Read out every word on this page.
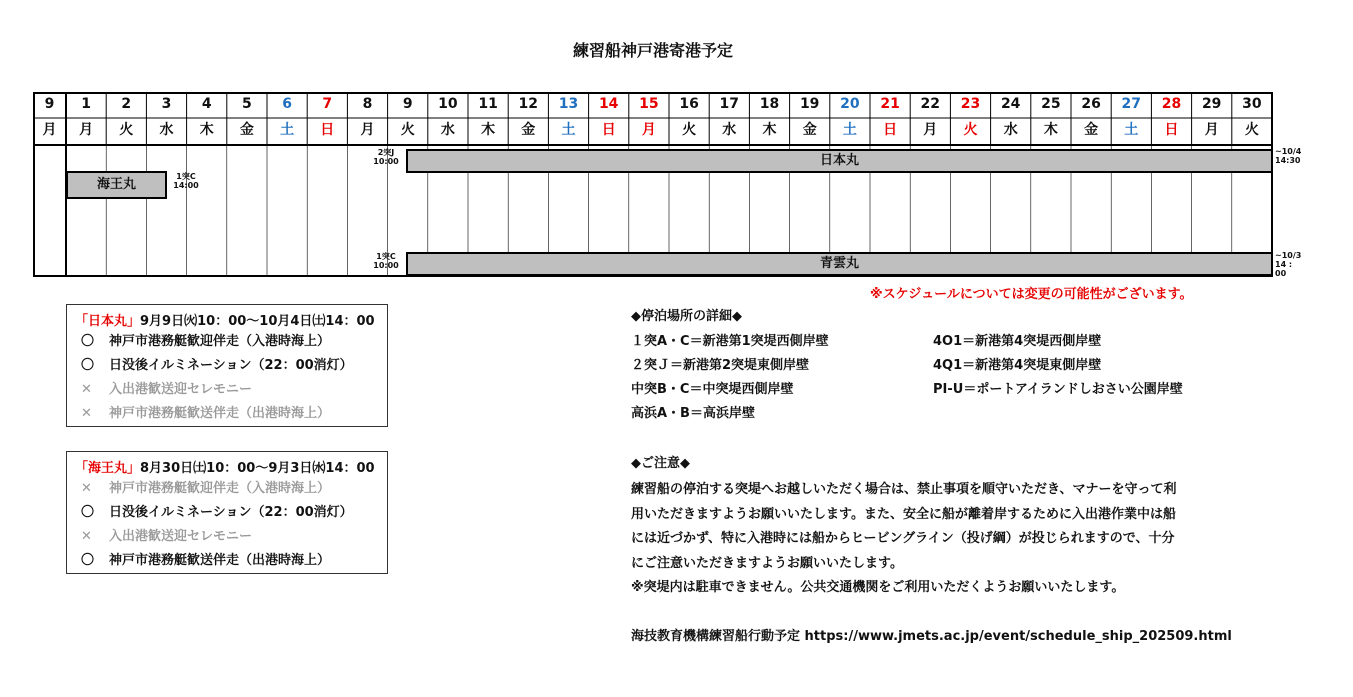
練習船神戸港寄港予定
9
月
1
月
2
火
3
水
4
木
5
金
6
土
7
日
8
月
9
火
10
水
11
木
12
金
13
土
14
日
15
月
16
火
17
水
18
木
19
金
20
土
21
日
22
月
23
火
24
水
25
木
26
金
27
土
28
日
29
月
30
火
日本丸
2突J
10:00
~10/4
14:30
海王丸
1突C
14:00
青雲丸
1突C
10:00
~10/3
14 : 00
※スケジュールについては変更の可能性がございます。
「日本丸」9月9日㈫10：00～10月4日㈯14：00
〇 神戸市港務艇歓迎伴走（入港時海上）
〇 日没後イルミネーション（22：00消灯）
✕ 入出港歓送迎セレモニー
✕ 神戸市港務艇歓送伴走（出港時海上）
「海王丸」8月30日㈯10：00～9月3日㈬14：00
✕ 神戸市港務艇歓迎伴走（入港時海上）
〇 日没後イルミネーション（22：00消灯）
✕ 入出港歓送迎セレモニー
〇 神戸市港務艇歓送伴走（出港時海上）
◆停泊場所の詳細◆
１突A・C＝新港第1突堤西側岸壁
２突Ｊ＝新港第2突堤東側岸壁
中突B・C＝中突堤西側岸壁
高浜A・B＝高浜岸壁
4O1＝新港第4突堤西側岸壁
4Q1＝新港第4突堤東側岸壁
PI-U＝ポートアイランドしおさい公園岸壁
◆ご注意◆
練習船の停泊する突堤へお越しいただく場合は、禁止事項を順守いただき、マナーを守って利
用いただきますようお願いいたします。また、安全に船が離着岸するために入出港作業中は船
には近づかず、特に入港時には船からヒービングライン（投げ綱）が投じられますので、十分
にご注意いただきますようお願いいたします。
※突堤内は駐車できません。公共交通機関をご利用いただくようお願いいたします。
海技教育機構練習船行動予定 https://www.jmets.ac.jp/event/schedule_ship_202509.html
